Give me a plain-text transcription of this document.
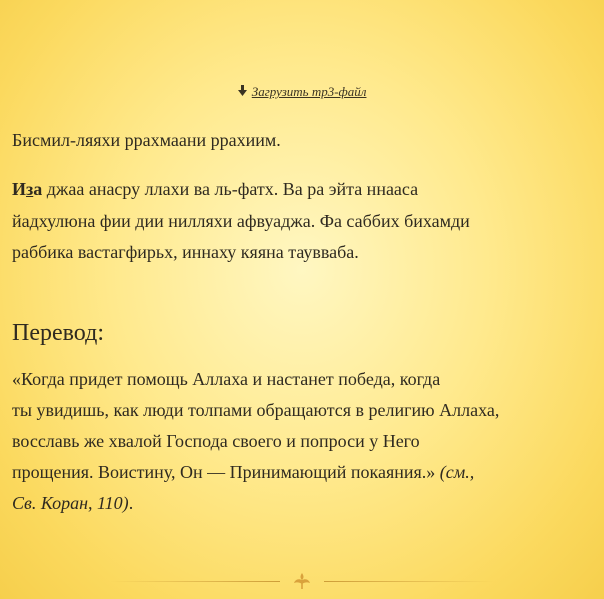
Загрузить mp3-файл
Бисмил-ляяхи ррахмаани ррахиим.
Иза джаа анасру ллахи ва ль-фатх. Ва ра эйта ннааса
йадхулюна фии дии нилляхи афвуаджа. Фа саббих бихамди
раббика вастагфирьх, иннаху кяяна таувваба.
Перевод:
«Когда придет помощь Аллаха и настанет победа, когда
ты увидишь, как люди толпами обращаются в религию Аллаха,
восславь же хвалой Господа своего и попроси у Него
прощения. Воистину, Он — Принимающий покаяния.» (см.,
Св. Коран, 110).
